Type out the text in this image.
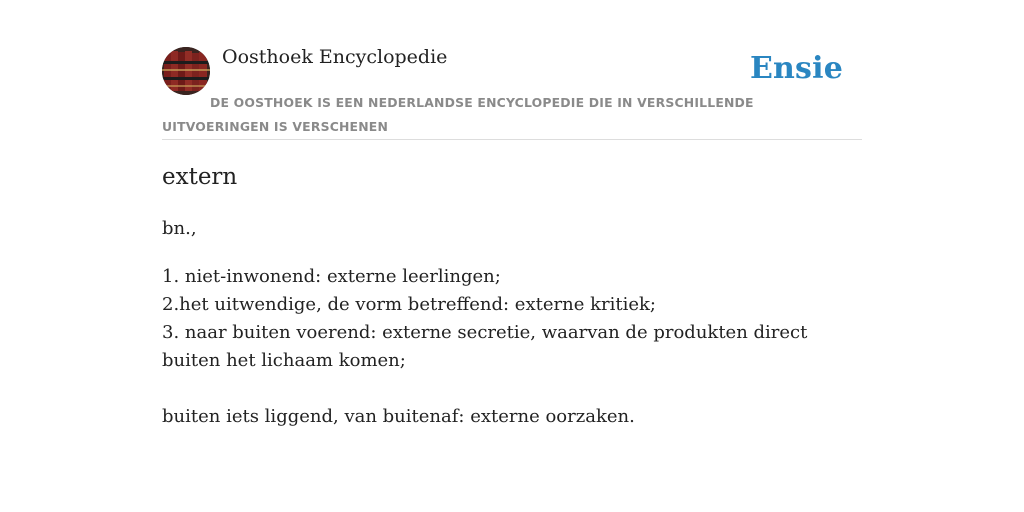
Oosthoek Encyclopedie	Ensie
DE OOSTHOEK IS EEN NEDERLANDSE ENCYCLOPEDIE DIE IN VERSCHILLENDE UITVOERINGEN IS VERSCHENEN
extern
bn.,
1. niet-inwonend: externe leerlingen;
2.het uitwendige, de vorm betreffend: externe kritiek;
3. naar buiten voerend: externe secretie, waarvan de produkten direct buiten het lichaam komen;
buiten iets liggend, van buitenaf: externe oorzaken.
